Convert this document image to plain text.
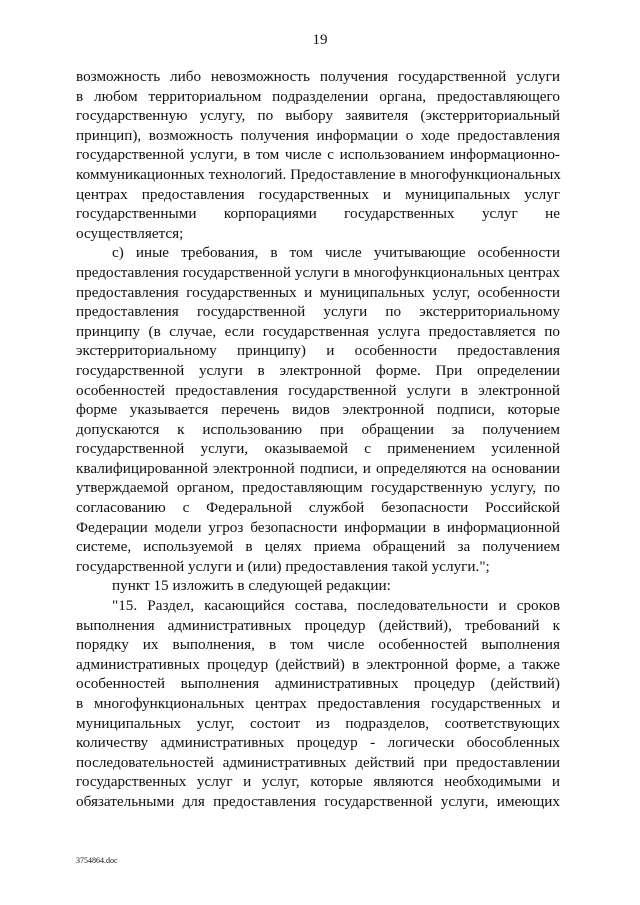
19
возможность либо невозможность получения государственной услуги
в любом территориальном подразделении органа, предоставляющего
государственную услугу, по выбору заявителя (экстерриториальный
принцип), возможность получения информации о ходе предоставления
государственной услуги, в том числе с использованием информационно-
коммуникационных технологий. Предоставление в многофункциональных
центрах предоставления государственных и муниципальных услуг
государственными корпорациями государственных услуг не
осуществляется;
с) иные требования, в том числе учитывающие особенности
предоставления государственной услуги в многофункциональных центрах
предоставления государственных и муниципальных услуг, особенности
предоставления государственной услуги по экстерриториальному
принципу (в случае, если государственная услуга предоставляется по
экстерриториальному принципу) и особенности предоставления
государственной услуги в электронной форме. При определении
особенностей предоставления государственной услуги в электронной
форме указывается перечень видов электронной подписи, которые
допускаются к использованию при обращении за получением
государственной услуги, оказываемой с применением усиленной
квалифицированной электронной подписи, и определяются на основании
утверждаемой органом, предоставляющим государственную услугу, по
согласованию с Федеральной службой безопасности Российской
Федерации модели угроз безопасности информации в информационной
системе, используемой в целях приема обращений за получением
государственной услуги и (или) предоставления такой услуги.";
пункт 15 изложить в следующей редакции:
"15. Раздел, касающийся состава, последовательности и сроков
выполнения административных процедур (действий), требований к
порядку их выполнения, в том числе особенностей выполнения
административных процедур (действий) в электронной форме, а также
особенностей выполнения административных процедур (действий)
в многофункциональных центрах предоставления государственных и
муниципальных услуг, состоит из подразделов, соответствующих
количеству административных процедур - логически обособленных
последовательностей административных действий при предоставлении
государственных услуг и услуг, которые являются необходимыми и
обязательными для предоставления государственной услуги, имеющих
3754864.doc
